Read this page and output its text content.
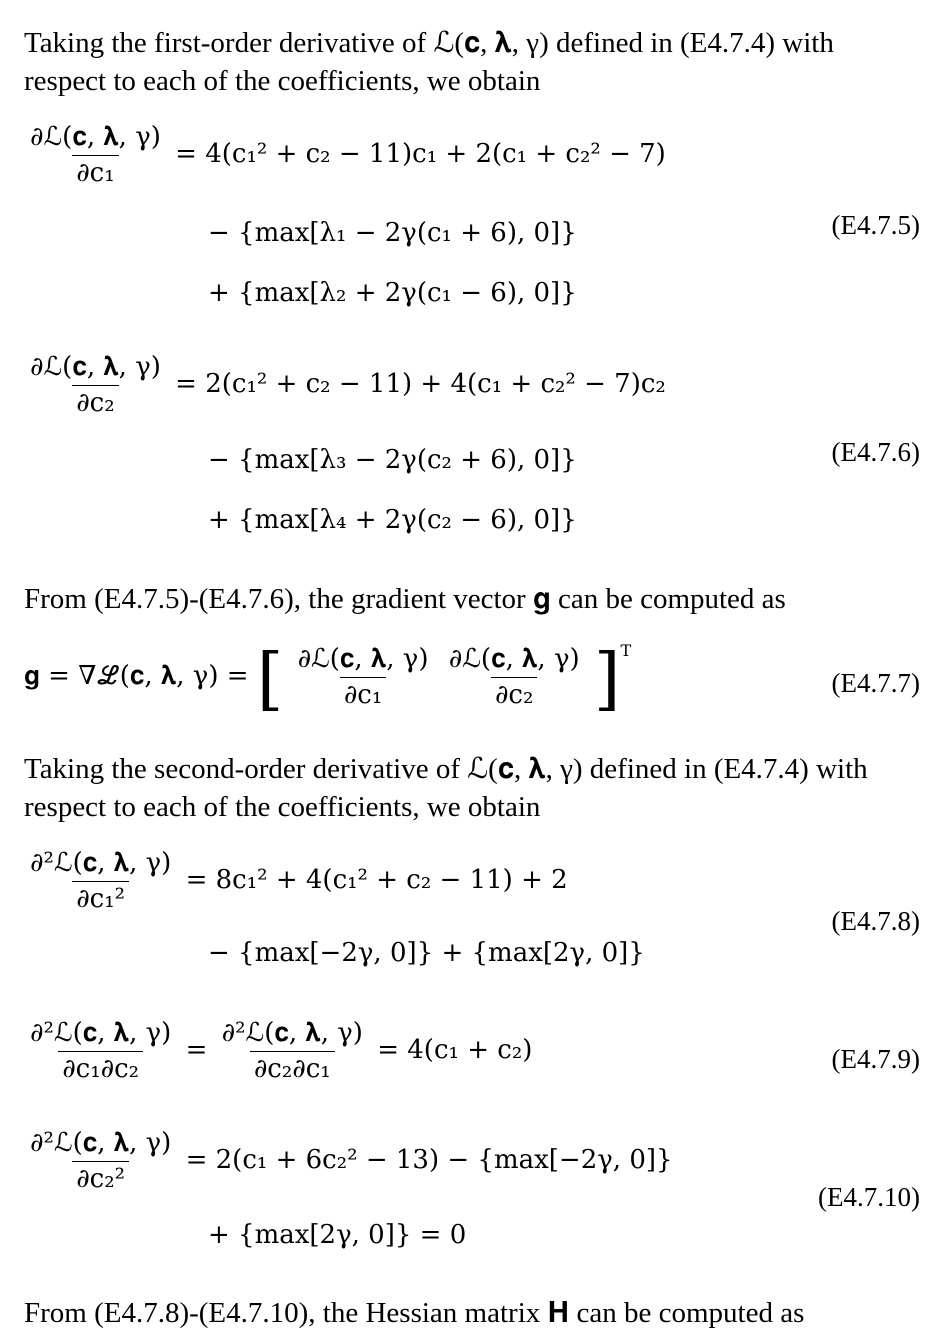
Taking the first-order derivative of ℒ(𝐜, 𝛌, γ) defined in (E4.7.4) with
respect to each of the coefficients, we obtain
$\frac{\text{∂ℒ(𝐜, 𝛌, γ)}}{\text{∂c₁}} = 4(c_1^2 + c_2 - 11)c_1 + 2(c_1 + c_2^2 - 7)$
− {max[λ₁ − 2γ(c₁ + 6), 0]}
+ {max[λ₂ + 2γ(c₁ − 6), 0]}
(E4.7.5)
$\frac{\text{∂ℒ(𝐜, 𝛌, γ)}}{\text{∂c₂}} = 2(c_1^2 + c_2 - 11) + 4(c_1 + c_2^2 - 7)c_2$
− {max[λ₃ − 2γ(c₂ + 6), 0]}
+ {max[λ₄ + 2γ(c₂ − 6), 0]}
(E4.7.6)
From (E4.7.5)-(E4.7.6), the gradient vector 𝐠 can be computed as
𝐠 = ∇ℒ(𝐜, 𝛌, γ) = [ $\frac{\text{∂ℒ(𝐜, 𝛌, γ)}}{\text{∂c₁}}$
$\frac{\text{∂ℒ(𝐜, 𝛌, γ)}}{\text{∂c₂}} ]^T$
(E4.7.7)
Taking the second-order derivative of ℒ(𝐜, 𝛌, γ) defined in (E4.7.4) with
respect to each of the coefficients, we obtain
$\frac{\text{∂²ℒ(𝐜, 𝛌, γ)}}{\text{∂c₁²}} = 8c_1^2 + 4(c_1^2 + c_2 - 11) + 2$
− {max[−2γ, 0]} + {max[2γ, 0]}
(E4.7.8)
$\frac{\text{∂²ℒ(𝐜, 𝛌, γ)}}{\text{∂c₁∂c₂}} = \frac{\text{∂²ℒ(𝐜, 𝛌, γ)}}{\text{∂c₂∂c₁}} = 4(c_1 + c_2)$	(E4.7.9)
$\frac{\text{∂²ℒ(𝐜, 𝛌, γ)}}{\text{∂c₂²}} = 2(c_1 + 6c_2^2 - 13) - \{\max[-2\gamma$, 0]}
+ {max[2γ, 0]} = 0
(E4.7.10)
From (E4.7.8)-(E4.7.10), the Hessian matrix 𝐇 can be computed as
